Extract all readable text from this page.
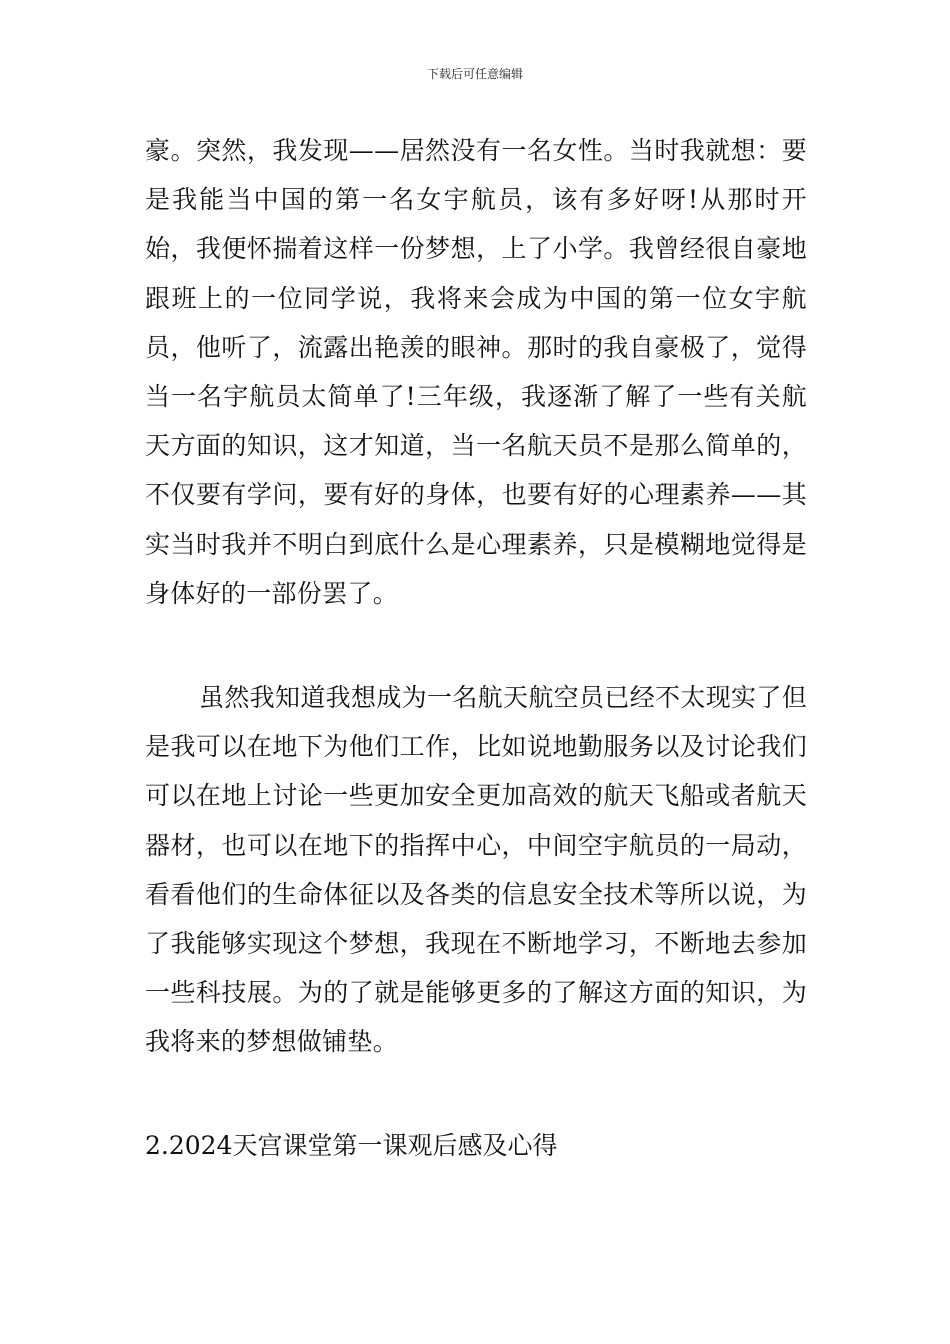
下载后可任意编辑

豪。突然，我发现——居然没有一名女性。当时我就想：要是我能当中国的第一名女宇航员，该有多好呀!从那时开始，我便怀揣着这样一份梦想，上了小学。我曾经很自豪地跟班上的一位同学说，我将来会成为中国的第一位女宇航员，他听了，流露出艳羡的眼神。那时的我自豪极了，觉得当一名宇航员太简单了!三年级，我逐渐了解了一些有关航天方面的知识，这才知道，当一名航天员不是那么简单的，不仅要有学问，要有好的身体，也要有好的心理素养——其实当时我并不明白到底什么是心理素养，只是模糊地觉得是身体好的一部份罢了。

虽然我知道我想成为一名航天航空员已经不太现实了但是我可以在地下为他们工作，比如说地勤服务以及讨论我们可以在地上讨论一些更加安全更加高效的航天飞船或者航天器材，也可以在地下的指挥中心，中间空宇航员的一局动，看看他们的生命体征以及各类的信息安全技术等所以说，为了我能够实现这个梦想，我现在不断地学习，不断地去参加一些科技展。为的了就是能够更多的了解这方面的知识，为我将来的梦想做铺垫。

2.2024天宫课堂第一课观后感及心得
